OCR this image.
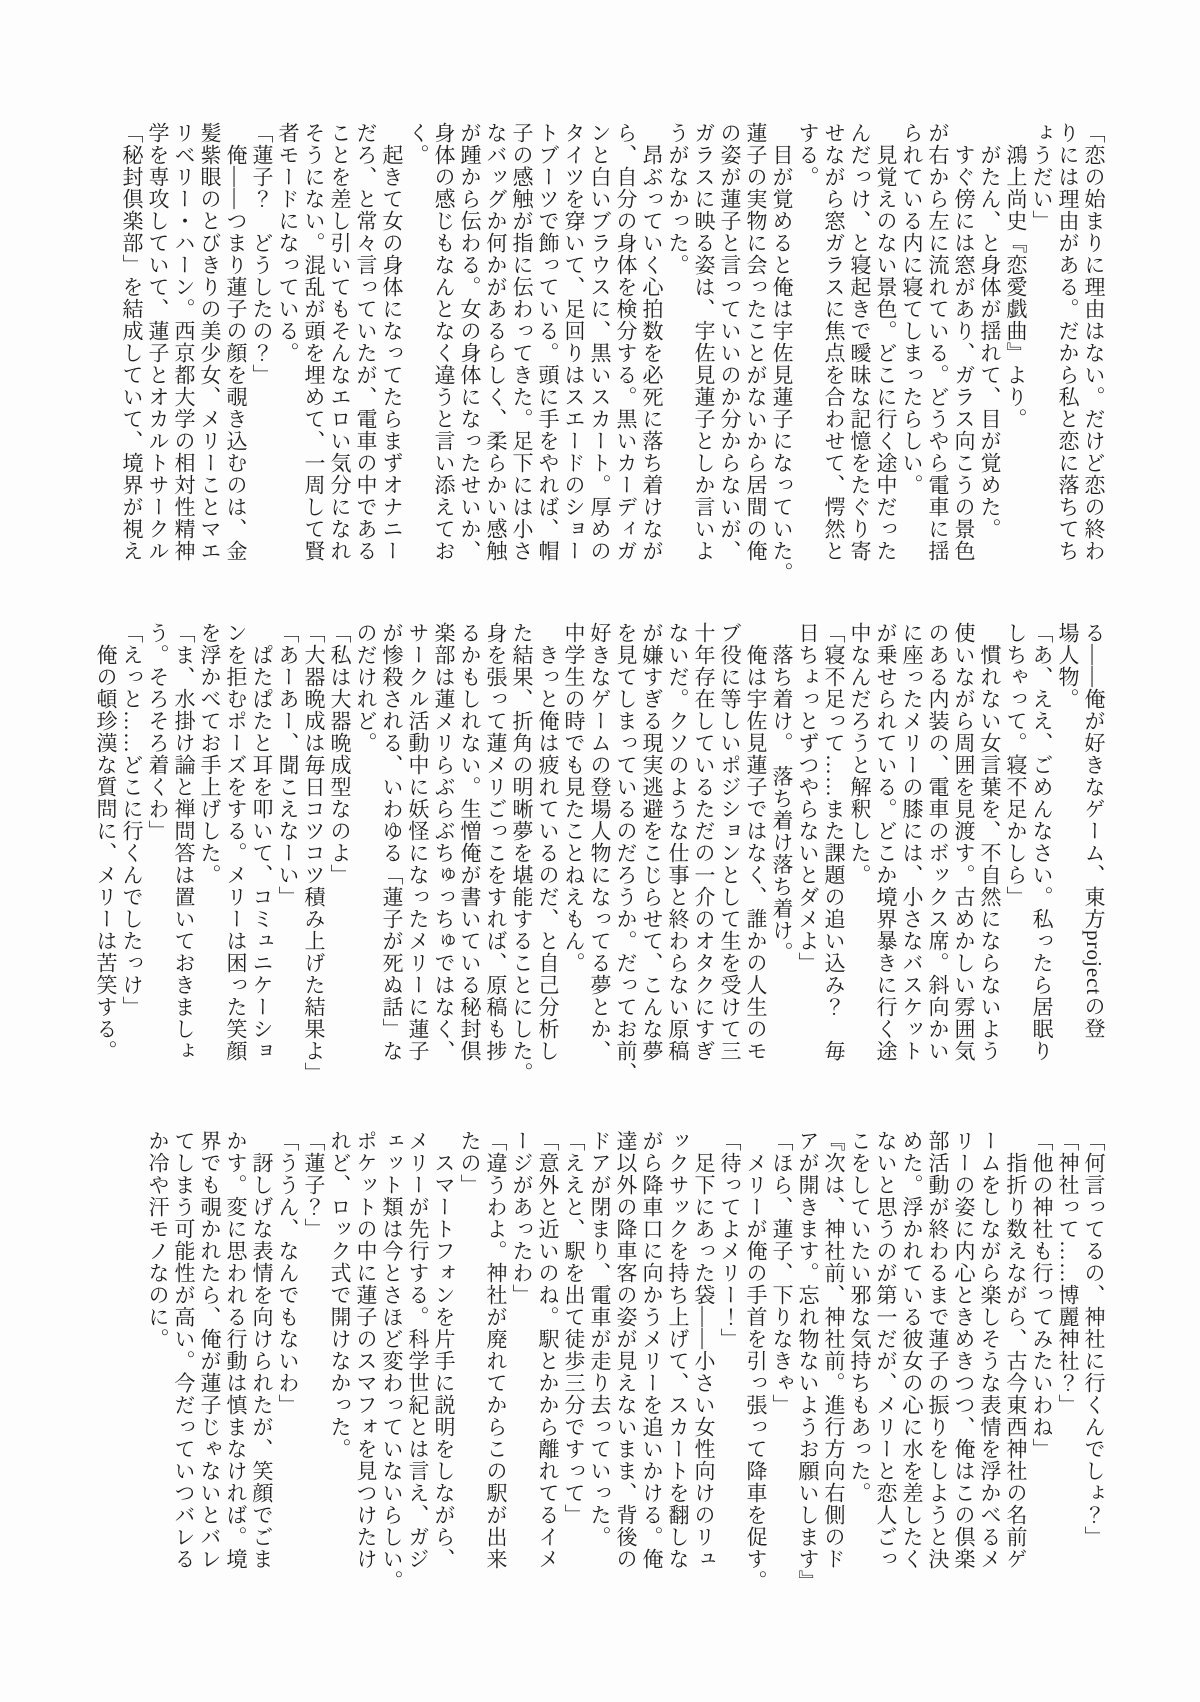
「恋の始まりに理由はない。だけど恋の終わ

りには理由がある。だから私と恋に落ちてち

ょうだい」

　鴻上尚史『恋愛戯曲』より。

　がたん、と身体が揺れて、目が覚めた。

　すぐ傍には窓があり、ガラス向こうの景色

が右から左に流れている。どうやら電車に揺

られている内に寝てしまったらしい。

　見覚えのない景色。どこに行く途中だった

んだっけ、と寝起きで曖昧な記憶をたぐり寄

せながら窓ガラスに焦点を合わせて、愕然と

する。

　目が覚めると俺は宇佐見蓮子になっていた。

蓮子の実物に会ったことがないから居間の俺

の姿が蓮子と言っていいのか分からないが、

ガラスに映る姿は、宇佐見蓮子としか言いよ

うがなかった。

　昂ぶっていく心拍数を必死に落ち着けなが

ら、自分の身体を検分する。黒いカーディガ

ンと白いブラウスに、黒いスカート。厚めの

タイツを穿いて、足回りはスエードのショー

トブーツで飾っている。頭に手をやれば、帽

子の感触が指に伝わってきた。足下には小さ

なバッグか何かがあるらしく、柔らかい感触

が踵から伝わる。女の身体になったせいか、

身体の感じもなんとなく違うと言い添えてお

く。

　起きて女の身体になってたらまずオナニー

だろ、と常々言っていたが、電車の中である

ことを差し引いてもそんなエロい気分になれ

そうにない。混乱が頭を埋めて、一周して賢

者モードになっている。

「蓮子？　どうしたの？」

　俺――つまり蓮子の顔を覗き込むのは、金

髪紫眼のとびきりの美少女、メリーことマエ

リベリー・ハーン。西京都大学の相対性精神

学を専攻していて、蓮子とオカルトサークル

「秘封倶楽部」を結成していて、境界が視え

る――俺が好きなゲーム、東方projectの登

場人物。

「あ、ええ、ごめんなさい。私ったら居眠り

しちゃって。寝不足かしら」

　慣れない女言葉を、不自然にならないよう

使いながら周囲を見渡す。古めかしい雰囲気

のある内装の、電車のボックス席。斜向かい

に座ったメリーの膝には、小さなバスケット

が乗せられている。どこか境界暴きに行く途

中なんだろうと解釈した。

「寝不足って……また課題の追い込み？　毎

日ちょっとずつやらないとダメよ」

　落ち着け。　落ち着け落ち着け。

　俺は宇佐見蓮子ではなく、誰かの人生のモ

ブ役に等しいポジションとして生を受けて三

十年存在しているただの一介のオタクにすぎ

ないだ。クソのような仕事と終わらない原稿

が嫌すぎる現実逃避をこじらせて、こんな夢

を見てしまっているのだろうか。だってお前、

好きなゲームの登場人物になってる夢とか、

中学生の時でも見たことねえもん。

　きっと俺は疲れているのだ、と自己分析し

た結果、折角の明晰夢を堪能することにした。

身を張って蓮メリごっこをすれば、原稿も捗

るかもしれない。生憎俺が書いている秘封倶

楽部は蓮メリらぶらぶちゅっちゅではなく、

サークル活動中に妖怪になったメリーに蓮子

が惨殺される、いわゆる「蓮子が死ぬ話」な

のだけれど。

「私は大器晩成型なのよ」

「大器晩成は毎日コツコツ積み上げた結果よ」

「あーあー、聞こえなーい」

　ぱたぱたと耳を叩いて、コミュニケーショ

ンを拒むポーズをする。メリーは困った笑顔

を浮かべてお手上げした。

「ま、水掛け論と禅問答は置いておきましょ

う。そろそろ着くわ」

「えっと……どこに行くんでしたっけ」

　俺の頓珍漢な質問に、メリーは苦笑する。

「何言ってるの、神社に行くんでしょ？」

「神社って……博麗神社？」

「他の神社も行ってみたいわね」

　指折り数えながら、古今東西神社の名前ゲ

ームをしながら楽しそうな表情を浮かべるメ

リーの姿に内心ときめきつつ、俺はこの倶楽

部活動が終わるまで蓮子の振りをしようと決

めた。浮かれている彼女の心に水を差したく

ないと思うのが第一だが、メリーと恋人ごっ

こをしていたい邪な気持ちもあった。

『次は、神社前、神社前。進行方向右側のド

アが開きます。忘れ物ないようお願いします』

「ほら、蓮子、下りなきゃ」

　メリーが俺の手首を引っ張って降車を促す。

「待ってよメリー！」

　足下にあった袋――小さい女性向けのリュ

ックサックを持ち上げて、スカートを翻しな

がら降車口に向かうメリーを追いかける。俺

達以外の降車客の姿が見えないまま、背後の

ドアが閉まり、電車が走り去っていった。

「ええと、駅を出て徒歩三分ですって」

「意外と近いのね。駅とかから離れてるイメ

ージがあったわ」

「違うわよ。神社が廃れてからこの駅が出来

たの」

　スマートフォンを片手に説明をしながら、

メリーが先行する。科学世紀とは言え、ガジ

ェット類は今とさほど変わっていないらしい。

ポケットの中に蓮子のスマフォを見つけたけ

れど、ロック式で開けなかった。

「蓮子？」

「ううん、なんでもないわ」

　訝しげな表情を向けられたが、笑顔でごま

かす。変に思われる行動は慎まなければ。境

界でも覗かれたら、俺が蓮子じゃないとバレ

てしまう可能性が高い。今だっていつバレる

か冷や汗モノなのに。
